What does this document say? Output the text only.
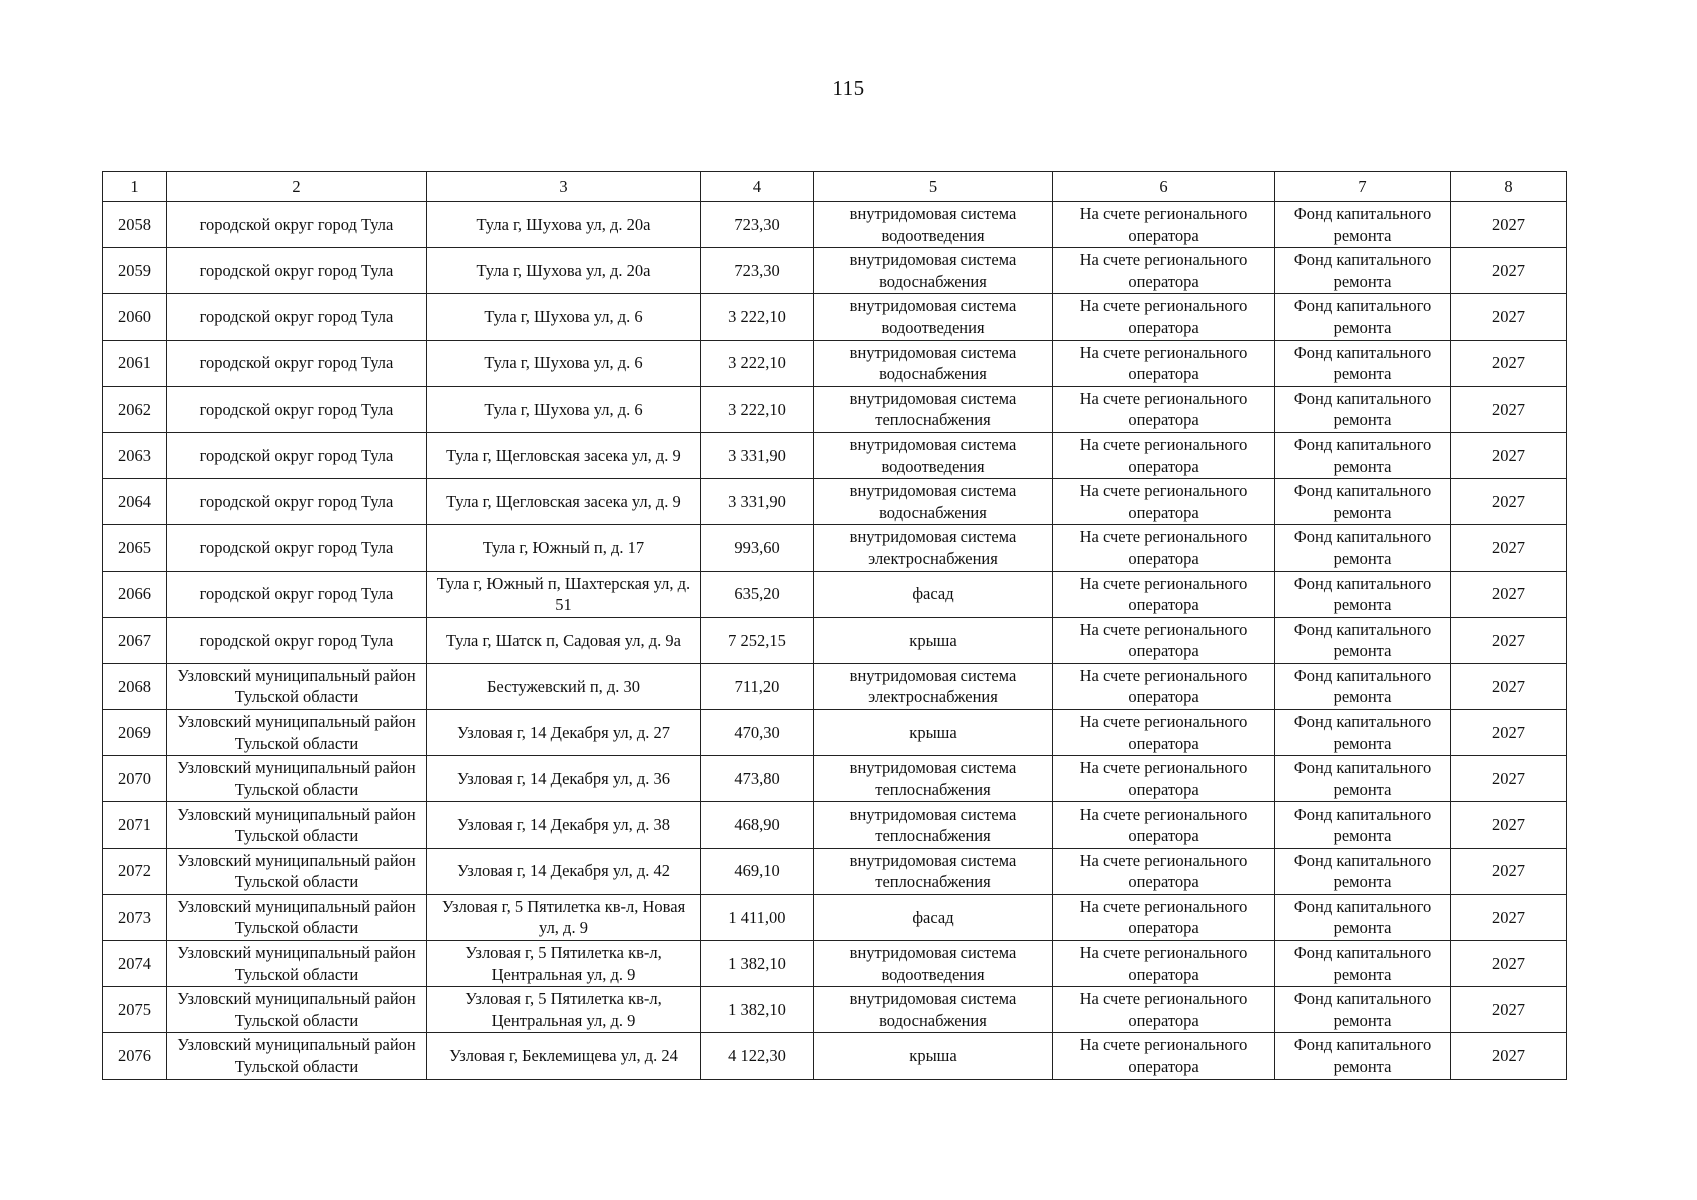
115
1	2	3	4	5	6	7	8
2058	городской округ город Тула	Тула г, Шухова ул, д. 20а	723,30	внутридомовая система водоотведения	На счете регионального оператора	Фонд капитального ремонта	2027
2059	городской округ город Тула	Тула г, Шухова ул, д. 20а	723,30	внутридомовая система водоснабжения	На счете регионального оператора	Фонд капитального ремонта	2027
2060	городской округ город Тула	Тула г, Шухова ул, д. 6	3 222,10	внутридомовая система водоотведения	На счете регионального оператора	Фонд капитального ремонта	2027
2061	городской округ город Тула	Тула г, Шухова ул, д. 6	3 222,10	внутридомовая система водоснабжения	На счете регионального оператора	Фонд капитального ремонта	2027
2062	городской округ город Тула	Тула г, Шухова ул, д. 6	3 222,10	внутридомовая система теплоснабжения	На счете регионального оператора	Фонд капитального ремонта	2027
2063	городской округ город Тула	Тула г, Щегловская засека ул, д. 9	3 331,90	внутридомовая система водоотведения	На счете регионального оператора	Фонд капитального ремонта	2027
2064	городской округ город Тула	Тула г, Щегловская засека ул, д. 9	3 331,90	внутридомовая система водоснабжения	На счете регионального оператора	Фонд капитального ремонта	2027
2065	городской округ город Тула	Тула г, Южный п, д. 17	993,60	внутридомовая система электроснабжения	На счете регионального оператора	Фонд капитального ремонта	2027
2066	городской округ город Тула	Тула г, Южный п, Шахтерская ул, д. 51	635,20	фасад	На счете регионального оператора	Фонд капитального ремонта	2027
2067	городской округ город Тула	Тула г, Шатск п, Садовая ул, д. 9а	7 252,15	крыша	На счете регионального оператора	Фонд капитального ремонта	2027
2068	Узловский муниципальный район Тульской области	Бестужевский п, д. 30	711,20	внутридомовая система электроснабжения	На счете регионального оператора	Фонд капитального ремонта	2027
2069	Узловский муниципальный район Тульской области	Узловая г, 14 Декабря ул, д. 27	470,30	крыша	На счете регионального оператора	Фонд капитального ремонта	2027
2070	Узловский муниципальный район Тульской области	Узловая г, 14 Декабря ул, д. 36	473,80	внутридомовая система теплоснабжения	На счете регионального оператора	Фонд капитального ремонта	2027
2071	Узловский муниципальный район Тульской области	Узловая г, 14 Декабря ул, д. 38	468,90	внутридомовая система теплоснабжения	На счете регионального оператора	Фонд капитального ремонта	2027
2072	Узловский муниципальный район Тульской области	Узловая г, 14 Декабря ул, д. 42	469,10	внутридомовая система теплоснабжения	На счете регионального оператора	Фонд капитального ремонта	2027
2073	Узловский муниципальный район Тульской области	Узловая г, 5 Пятилетка кв-л, Новая ул, д. 9	1 411,00	фасад	На счете регионального оператора	Фонд капитального ремонта	2027
2074	Узловский муниципальный район Тульской области	Узловая г, 5 Пятилетка кв-л, Центральная ул, д. 9	1 382,10	внутридомовая система водоотведения	На счете регионального оператора	Фонд капитального ремонта	2027
2075	Узловский муниципальный район Тульской области	Узловая г, 5 Пятилетка кв-л, Центральная ул, д. 9	1 382,10	внутридомовая система водоснабжения	На счете регионального оператора	Фонд капитального ремонта	2027
2076	Узловский муниципальный район Тульской области	Узловая г, Беклемищева ул, д. 24	4 122,30	крыша	На счете регионального оператора	Фонд капитального ремонта	2027
